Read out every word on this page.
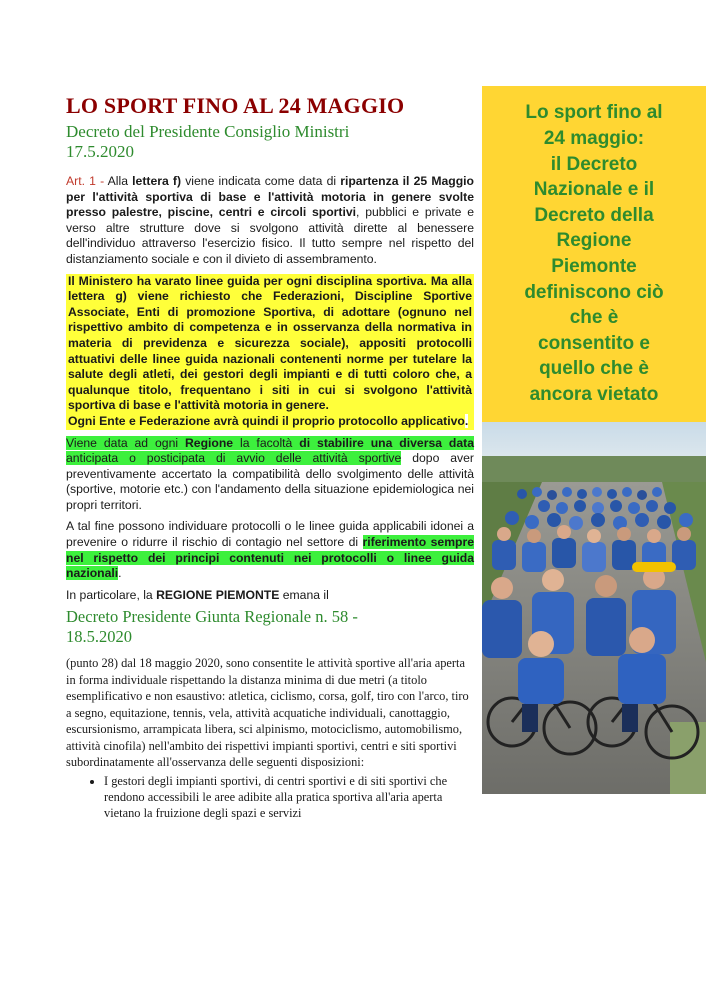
LO SPORT FINO AL 24 MAGGIO
Decreto del Presidente Consiglio Ministri
17.5.2020

Art. 1 - Alla lettera f) viene indicata come data di ripartenza il 25 Maggio per l'attività sportiva di base e l'attività motoria in genere svolte presso palestre, piscine, centri e circoli sportivi, pubblici e private e verso altre strutture dove si svolgono attività dirette al benessere dell'individuo attraverso l'esercizio fisico. Il tutto sempre nel rispetto del distanziamento sociale e con il divieto di assembramento.

Il Ministero ha varato linee guida per ogni disciplina sportiva. Ma alla lettera g) viene richiesto che Federazioni, Discipline Sportive Associate, Enti di promozione Sportiva, di adottare (ognuno nel rispettivo ambito di competenza e in osservanza della normativa in materia di previdenza e sicurezza sociale), appositi protocolli attuativi delle linee guida nazionali contenenti norme per tutelare la salute degli atleti, dei gestori degli impianti e di tutti coloro che, a qualunque titolo, frequentano i siti in cui si svolgono l'attività sportiva di base e l'attività motoria in genere.

Ogni Ente e Federazione avrà quindi il proprio protocollo applicativo.

Viene data ad ogni Regione la facoltà di stabilire una diversa data anticipata o posticipata di avvio delle attività sportive dopo aver preventivamente accertato la compatibilità dello svolgimento delle attività (sportive, motorie etc.) con l'andamento della situazione epidemiologica nei propri territori.

A tal fine possono individuare protocolli o le linee guida applicabili idonei a prevenire o ridurre il rischio di contagio nel settore di riferimento sempre nel rispetto dei principi contenuti nei protocolli o linee guida nazionali.

In particolare, la REGIONE PIEMONTE emana il

Decreto Presidente Giunta Regionale n. 58 -
18.5.2020

(punto 28) dal 18 maggio 2020, sono consentite le attività sportive all'aria aperta in forma individuale rispettando la distanza minima di due metri (a titolo esemplificativo e non esaustivo: atletica, ciclismo, corsa, golf, tiro con l'arco, tiro a segno, equitazione, tennis, vela, attività acquatiche individuali, canottaggio, escursionismo, arrampicata libera, sci alpinismo, motociclismo, automobilismo, attività cinofila) nell'ambito dei rispettivi impianti sportivi, centri e siti sportivi subordinatamente all'osservanza delle seguenti disposizioni:

• I gestori degli impianti sportivi, di centri sportivi e di siti sportivi che rendono accessibili le aree adibite alla pratica sportiva all'aria aperta vietano la fruizione degli spazi e servizi

Lo sport fino al
24 maggio:
il Decreto
Nazionale e il
Decreto della
Regione
Piemonte
definiscono ciò
che è
consentito e
quello che è
ancora vietato
